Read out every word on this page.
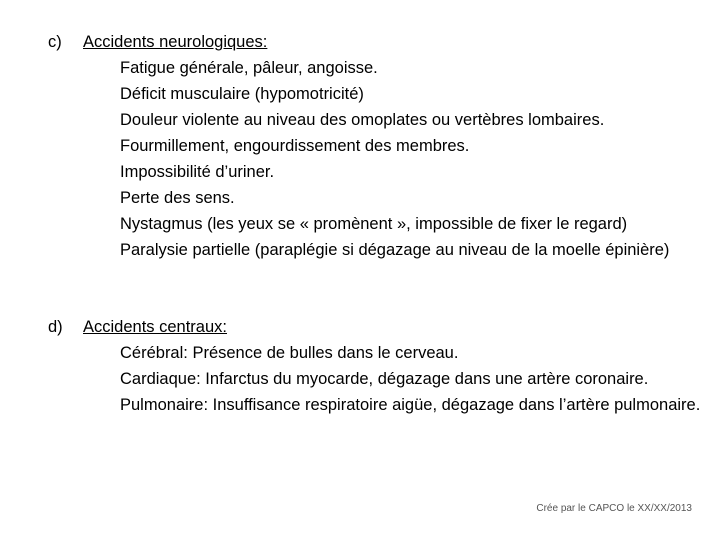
c)	Accidents neurologiques:
Fatigue générale, pâleur, angoisse.
Déficit musculaire (hypomotricité)
Douleur violente au niveau des omoplates ou vertèbres lombaires.
Fourmillement, engourdissement des membres.
Impossibilité d’uriner.
Perte des sens.
Nystagmus (les yeux se « promènent », impossible de fixer le regard)
Paralysie partielle (paraplégie si dégazage au niveau de la moelle épinière)
d)	Accidents centraux:
Cérébral: Présence de bulles dans le cerveau.
Cardiaque: Infarctus du myocarde, dégazage dans une artère coronaire.
Pulmonaire: Insuffisance respiratoire aigüe, dégazage dans l’artère pulmonaire.
Crée par le CAPCO le XX/XX/2013
